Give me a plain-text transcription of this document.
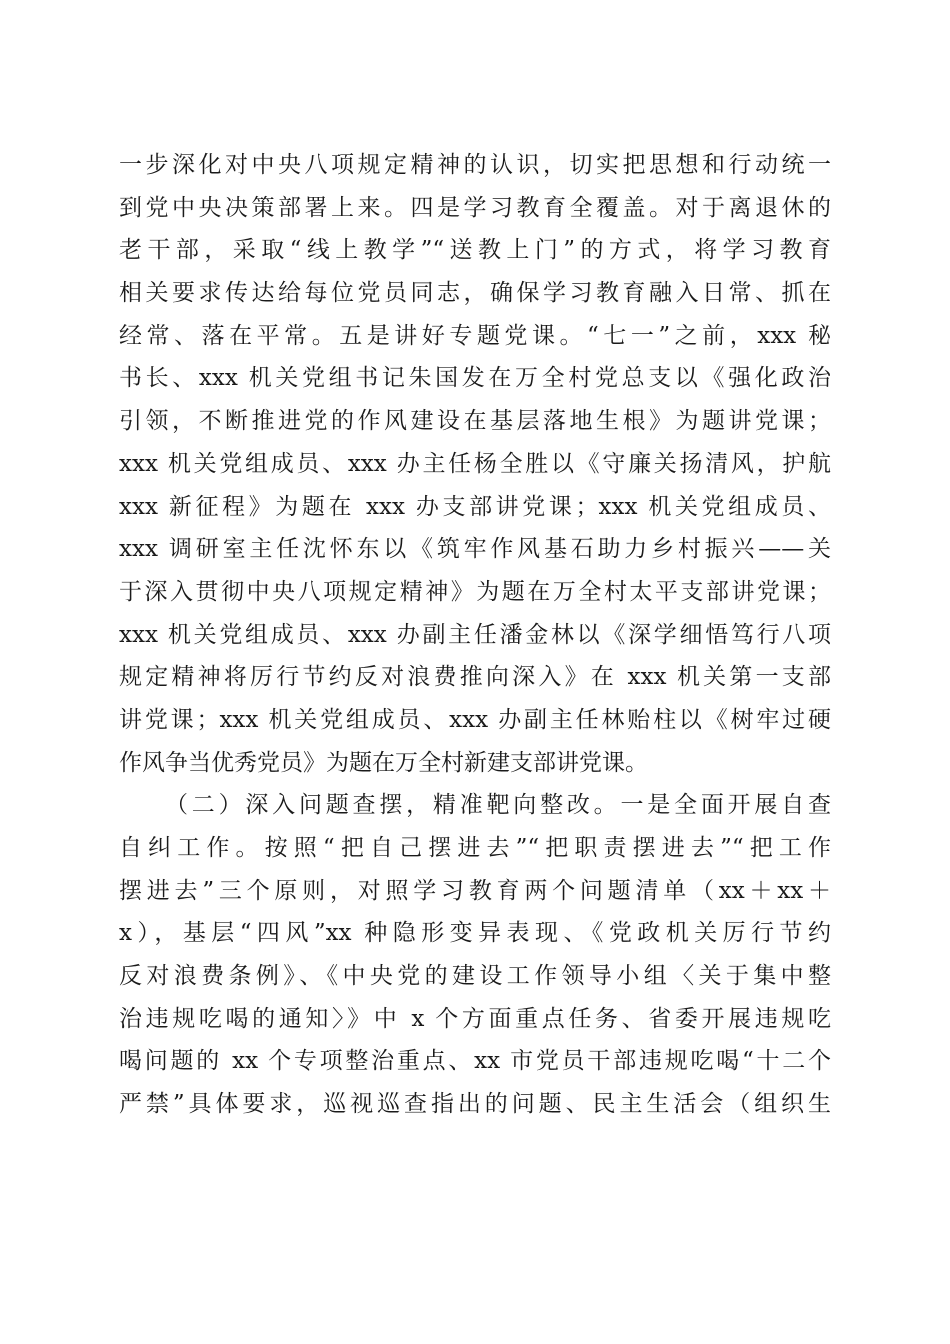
一步深化对中央八项规定精神的认识，切实把思想和行动统一
到党中央决策部署上来。四是学习教育全覆盖。对于离退休的
老干部，采取“线上教学”“送教上门”的方式，将学习教育
相关要求传达给每位党员同志，确保学习教育融入日常、抓在
经常、落在平常。五是讲好专题党课。“七一”之前，xxx 秘
书长、xxx 机关党组书记朱国发在万全村党总支以《强化政治
引领，不断推进党的作风建设在基层落地生根》为题讲党课；
xxx 机关党组成员、xxx 办主任杨全胜以《守廉关扬清风，护航
xxx 新征程》为题在 xxx 办支部讲党课；xxx 机关党组成员、
xxx 调研室主任沈怀东以《筑牢作风基石助力乡村振兴——关
于深入贯彻中央八项规定精神》为题在万全村太平支部讲党课；
xxx 机关党组成员、xxx 办副主任潘金林以《深学细悟笃行八项
规定精神将厉行节约反对浪费推向深入》在 xxx 机关第一支部
讲党课；xxx 机关党组成员、xxx 办副主任林贻柱以《树牢过硬
作风争当优秀党员》为题在万全村新建支部讲党课。
（二）深入问题查摆，精准靶向整改。一是全面开展自查
自纠工作。按照“把自己摆进去”“把职责摆进去”“把工作
摆进去”三个原则，对照学习教育两个问题清单（xx＋xx＋
x），基层“四风”xx 种隐形变异表现、《党政机关厉行节约
反对浪费条例》、《中央党的建设工作领导小组〈关于集中整
治违规吃喝的通知〉》中 x 个方面重点任务、省委开展违规吃
喝问题的 xx 个专项整治重点、xx 市党员干部违规吃喝“十二个
严禁”具体要求，巡视巡查指出的问题、民主生活会（组织生
